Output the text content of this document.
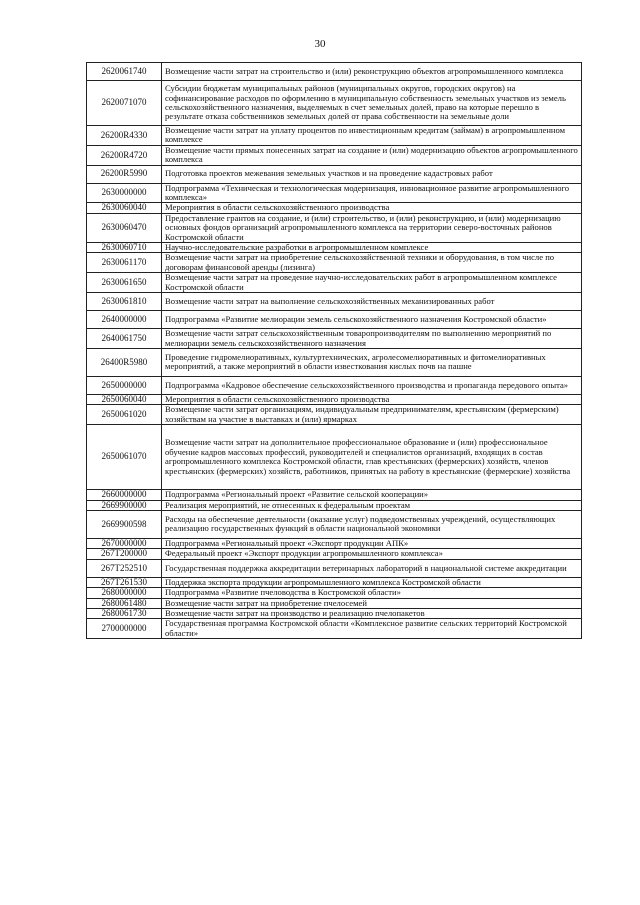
30
2620061740	Возмещение части затрат на строительство и (или) реконструкцию объектов агропромышленного комплекса
2620071070	Субсидии бюджетам муниципальных районов (муниципальных округов, городских округов) на софинансирование расходов по оформлению в муниципальную собственность земельных участков из земель сельскохозяйственного назначения, выделяемых в счет земельных долей, право на которые перешло в результате отказа собственников земельных долей от права собственности на земельные доли
26200R4330	Возмещение части затрат на уплату процентов по инвестиционным кредитам (займам) в агропромышленном комплексе
26200R4720	Возмещение части прямых понесенных затрат на создание и (или) модернизацию объектов агропромышленного комплекса
26200R5990	Подготовка проектов межевания земельных участков и на проведение кадастровых работ
2630000000	Подпрограмма «Техническая и технологическая модернизация, инновационное развитие агропромышленного комплекса»
2630060040	Мероприятия в области сельскохозяйственного производства
2630060470	Предоставление грантов на создание, и (или) строительство, и (или) реконструкцию, и (или) модернизацию основных фондов организаций агропромышленного комплекса на территории северо-восточных районов Костромской области
2630060710	Научно-исследовательские разработки в агропромышленном комплексе
2630061170	Возмещение части затрат на приобретение сельскохозяйственной техники и оборудования, в том числе по договорам финансовой аренды (лизинга)
2630061650	Возмещение части затрат на проведение научно-исследовательских работ в агропромышленном комплексе Костромской области
2630061810	Возмещение части затрат на выполнение сельскохозяйственных механизированных работ
2640000000	Подпрограмма «Развитие мелиорации земель сельскохозяйственного назначения Костромской области»
2640061750	Возмещение части затрат сельскохозяйственным товаропроизводителям по выполнению мероприятий по мелиорации земель сельскохозяйственного назначения
26400R5980	Проведение гидромелиоративных, культуртехнических, агролесомелиоративных и фитомелиоративных мероприятий, а также мероприятий в области известкования кислых почв на пашне
2650000000	Подпрограмма «Кадровое обеспечение сельскохозяйственного производства и пропаганда передового опыта»
2650060040	Мероприятия в области сельскохозяйственного производства
2650061020	Возмещение части затрат организациям, индивидуальным предпринимателям, крестьянским (фермерским) хозяйствам на участие в выставках и (или) ярмарках
2650061070	Возмещение части затрат на дополнительное профессиональное образование и (или) профессиональное обучение кадров массовых профессий, руководителей и специалистов организаций, входящих в состав агропромышленного комплекса Костромской области, глав крестьянских (фермерских) хозяйств, членов крестьянских (фермерских) хозяйств, работников, принятых на работу в крестьянские (фермерские) хозяйства
2660000000	Подпрограмма «Региональный проект «Развитие сельской кооперации»
2669900000	Реализация мероприятий, не отнесенных к федеральным проектам
2669900598	Расходы на обеспечение деятельности (оказание услуг) подведомственных учреждений, осуществляющих реализацию государственных функций в области национальной экономики
2670000000	Подпрограмма «Региональный проект «Экспорт продукции АПК»
267T200000	Федеральный проект «Экспорт продукции агропромышленного комплекса»
267T252510	Государственная поддержка аккредитации ветеринарных лабораторий в национальной системе аккредитации
267T261530	Поддержка экспорта продукции агропромышленного комплекса Костромской области
2680000000	Подпрограмма «Развитие пчеловодства в Костромской области»
2680061480	Возмещение части затрат на приобретение пчелосемей
2680061730	Возмещение части затрат на производство и реализацию пчелопакетов
2700000000	Государственная программа Костромской области «Комплексное развитие сельских территорий Костромской области»
